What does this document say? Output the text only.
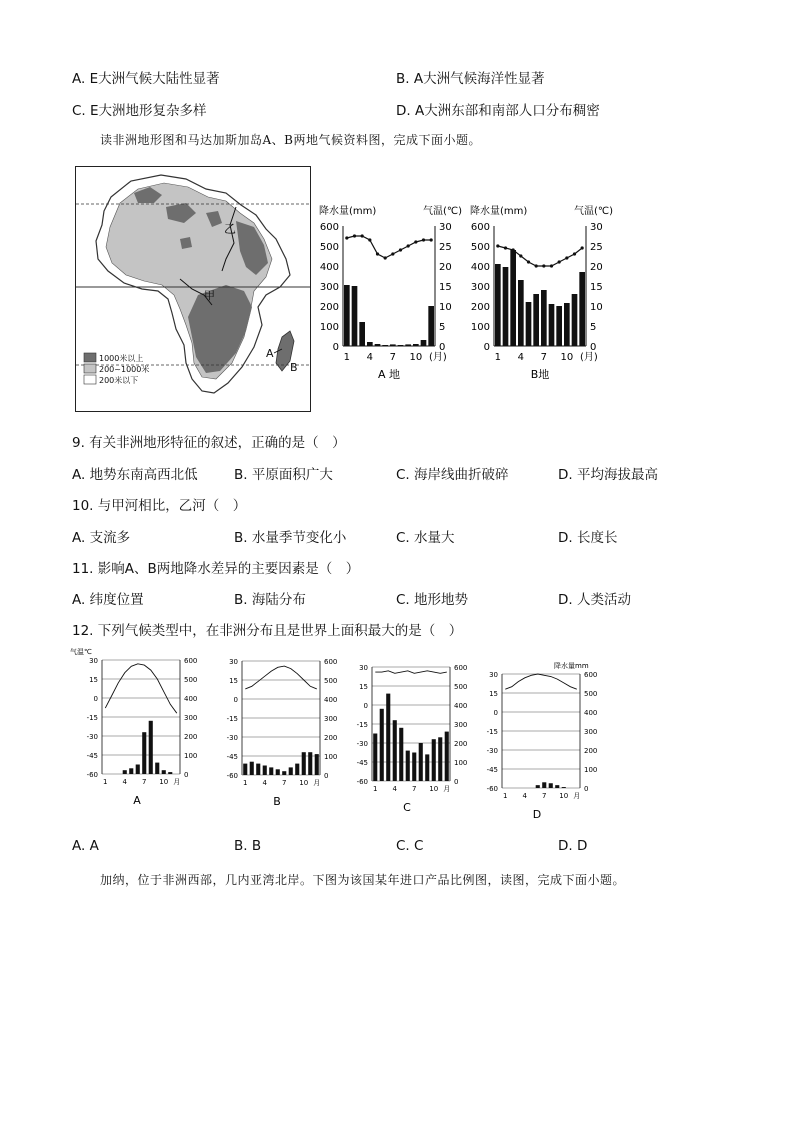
A. E大洲气候大陆性显著	B. A大洲气候海洋性显著
C. E大洲地形复杂多样	D. A大洲东部和南部人口分布稠密
读非洲地形图和马达加斯加岛A、B两地气候资料图，完成下面小题。
乙
甲
A
B
1000米以上
200~1000米
200米以下
降水量(mm)	气温(℃)
0
100
200
300
400
500
600
0
5
10
15
20
25
30
1 4 7 10 (月)
A 地
降水量(mm)	气温(℃)
0
100
200
300
400
500
600
0
5
10
15
20
25
30
1 4 7 10 (月)
B地
9. 有关非洲地形特征的叙述，正确的是（　）
A. 地势东南高西北低	B. 平原面积广大	C. 海岸线曲折破碎	D. 平均海拔最高
10. 与甲河相比，乙河（　）
A. 支流多	B. 水量季节变化小	C. 水量大	D. 长度长
11. 影响A、B两地降水差异的主要因素是（　）
A. 纬度位置	B. 海陆分布	C. 地形地势	D. 人类活动
12. 下列气候类型中，在非洲分布且是世界上面积最大的是（　）
气温℃
30	600
15	500
0	400
-15	300
-30	200
-45	100
-60	0
1 4 7 10 月
A
30	600
15	500
0	400
-15	300
-30	200
-45	100
-60	0
1 4 7 10 月
B
30	600
15	500
0	400
-15	300
-30	200
-45	100
-60	0
1 4 7 10 月
C
降水量mm
30	600
15	500
0	400
-15	300
-30	200
-45	100
-60	0
1 4 7 10 月
D
A. A	B. B	C. C	D. D
加纳，位于非洲西部，几内亚湾北岸。下图为该国某年进口产品比例图，读图，完成下面小题。
